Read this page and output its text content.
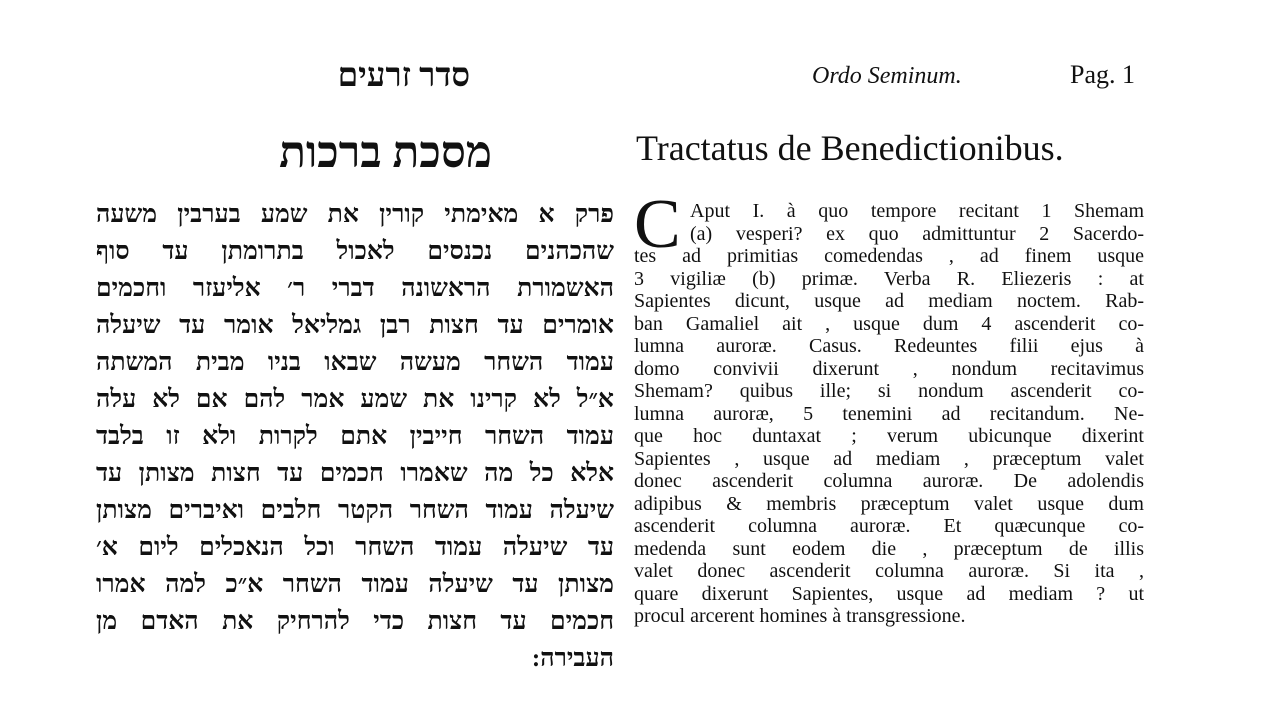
סדר זרעים	Ordo Seminum.	Pag. 1
מסכת ברכות	Tractatus de Benedictionibus.
פרק א מאימתי קורין את שמע בערבין משעה
שהכהנים נכנסים לאכול בתרומתן עד סוף
האשמורת הראשונה דברי ר׳ אליעזר וחכמים
אומרים עד חצות רבן גמליאל אומר עד שיעלה
עמוד השחר מעשה שבאו בניו מבית המשתה
א״ל לא קרינו את שמע אמר להם אם לא עלה
עמוד השחר חייבין אתם לקרות ולא זו בלבד
אלא כל מה שאמרו חכמים עד חצות מצותן עד
שיעלה עמוד השחר הקטר חלבים ואיברים מצותן
עד שיעלה עמוד השחר וכל הנאכלים ליום א׳
מצותן עד שיעלה עמוד השחר א״כ למה אמרו
חכמים עד חצות כדי להרחיק את האדם מן
העבירה:
C Aput I. à quo tempore recitant 1 Shemam
(a) vesperi? ex quo admittuntur 2 Sacerdo-
tes ad primitias comedendas , ad finem usque
3 vigiliæ (b) primæ. Verba R. Eliezeris : at
Sapientes dicunt, usque ad mediam noctem. Rab-
ban Gamaliel ait , usque dum 4 ascenderit co-
lumna auroræ. Casus. Redeuntes filii ejus à
domo convivii dixerunt , nondum recitavimus
Shemam? quibus ille; si nondum ascenderit co-
lumna auroræ, 5 tenemini ad recitandum. Ne-
que hoc duntaxat ; verum ubicunque dixerint
Sapientes , usque ad mediam , præceptum valet
donec ascenderit columna auroræ. De adolendis
adipibus & membris præceptum valet usque dum
ascenderit columna auroræ. Et quæcunque co-
medenda sunt eodem die , præceptum de illis
valet donec ascenderit columna auroræ. Si ita ,
quare dixerunt Sapientes, usque ad mediam ? ut
procul arcerent homines à transgressione.
